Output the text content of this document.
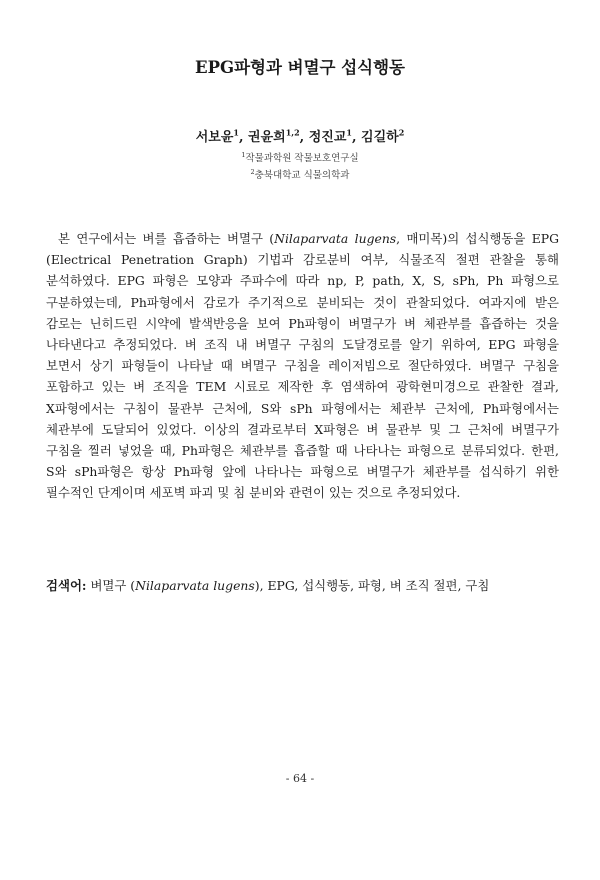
EPG파형과 벼멸구 섭식행동
서보윤$^1$, 권윤희$^{1,2}$, 정진교$^1$, 김길하$^2$
$^1$작물과학원 작물보호연구실
$^2$충북대학교 식물의학과

본 연구에서는 벼를 흡즙하는 벼멸구 (Nilaparvata lugens, 매미목)의 섭식행동을 EPG (Electrical Penetration Graph) 기법과 감로분비 여부, 식물조직 절편 관찰을 통해 분석하였다. EPG 파형은 모양과 주파수에 따라 np, P, path, X, S, sPh, Ph 파형으로 구분하였는데, Ph파형에서 감로가 주기적으로 분비되는 것이 관찰되었다. 여과지에 받은 감로는 닌히드린 시약에 발색반응을 보여 Ph파형이 벼멸구가 벼 체관부를 흡즙하는 것을 나타낸다고 추정되었다. 벼 조직 내 벼멸구 구침의 도달경로를 알기 위하여, EPG 파형을 보면서 상기 파형들이 나타날 때 벼멸구 구침을 레이저빔으로 절단하였다. 벼멸구 구침을 포함하고 있는 벼 조직을 TEM 시료로 제작한 후 염색하여 광학현미경으로 관찰한 결과, X파형에서는 구침이 물관부 근처에, S와 sPh 파형에서는 체관부 근처에, Ph파형에서는 체관부에 도달되어 있었다. 이상의 결과로부터 X파형은 벼 물관부 및 그 근처에 벼멸구가 구침을 찔러 넣었을 때, Ph파형은 체관부를 흡즙할 때 나타나는 파형으로 분류되었다. 한편, S와 sPh파형은 항상 Ph파형 앞에 나타나는 파형으로 벼멸구가 체관부를 섭식하기 위한 필수적인 단계이며 세포벽 파괴 및 침 분비와 관련이 있는 것으로 추정되었다.

검색어: 벼멸구 (Nilaparvata lugens), EPG, 섭식행동, 파형, 벼 조직 절편, 구침

- 64 -
